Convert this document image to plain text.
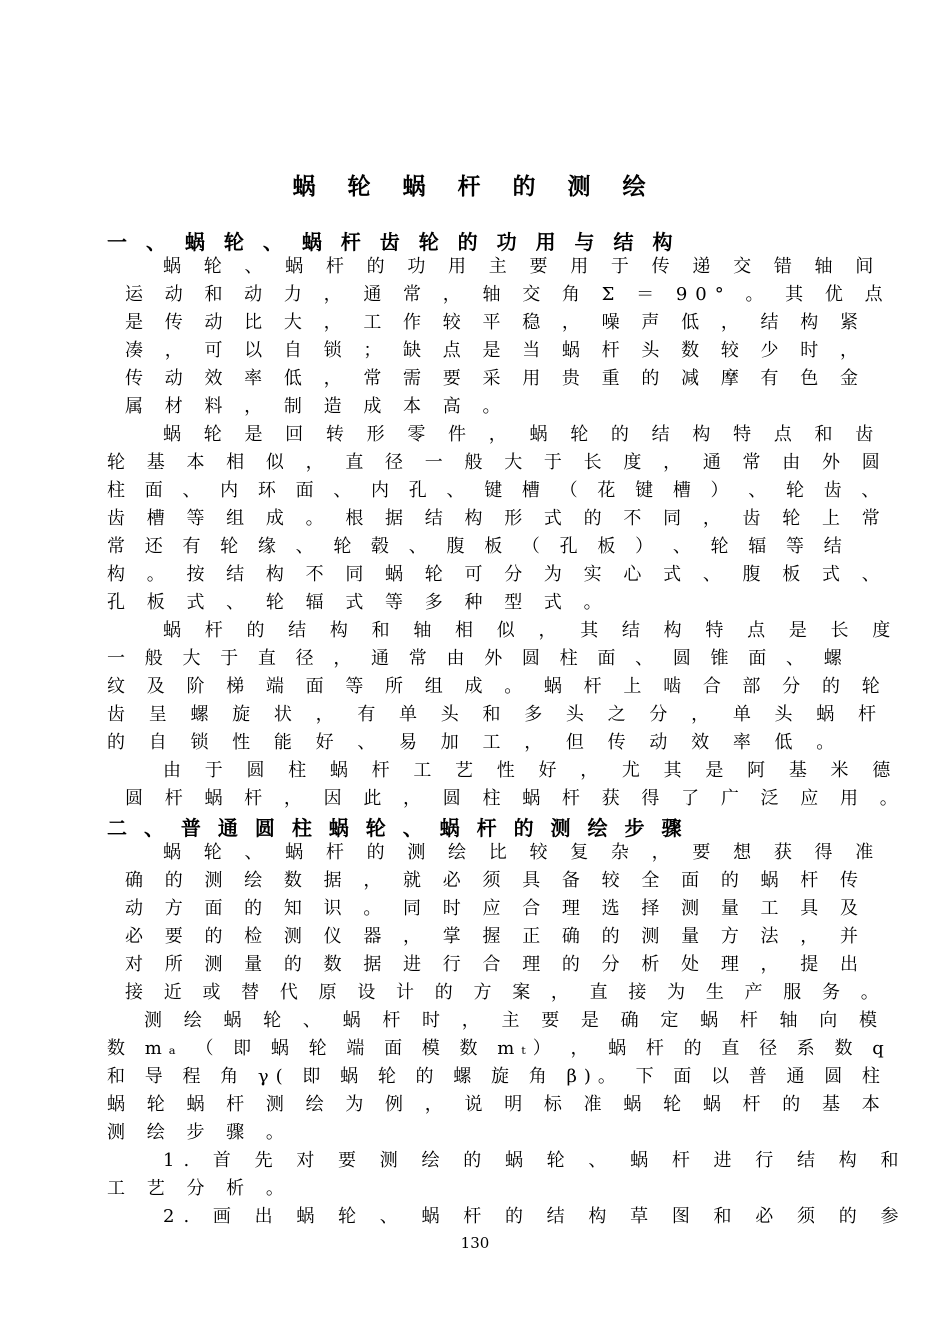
蜗 轮 蜗 杆 的 测 绘
一 、 蜗 轮 、 蜗 杆 齿 轮 的 功 用 与 结 构

蜗 轮 、 蜗 杆 的 功 用 主 要 用 于 传 递 交 错 轴 间

运 动 和 动 力 ， 通 常 ， 轴 交 角 Σ ＝ 90° 。 其 优 点

是 传 动 比 大 ， 工 作 较 平 稳 ， 噪 声 低 ， 结 构 紧

凑 ， 可 以 自 锁 ； 缺 点 是 当 蜗 杆 头 数 较 少 时 ，

传 动 效 率 低 ， 常 需 要 采 用 贵 重 的 减 摩 有 色 金

属 材 料 ， 制 造 成 本 高 。

蜗 轮 是 回 转 形 零 件 ， 蜗 轮 的 结 构 特 点 和 齿

轮 基 本 相 似 ， 直 径 一 般 大 于 长 度 ， 通 常 由 外 圆

柱 面 、 内 环 面 、 内 孔 、 键 槽 （ 花 键 槽 ） 、 轮 齿 、

齿 槽 等 组 成 。 根 据 结 构 形 式 的 不 同 ， 齿 轮 上 常

常 还 有 轮 缘 、 轮 毂 、 腹 板 （ 孔 板 ） 、 轮 辐 等 结

构 。 按 结 构 不 同 蜗 轮 可 分 为 实 心 式 、 腹 板 式 、

孔 板 式 、 轮 辐 式 等 多 种 型 式 。

蜗 杆 的 结 构 和 轴 相 似 ， 其 结 构 特 点 是 长 度

一 般 大 于 直 径 ， 通 常 由 外 圆 柱 面 、 圆 锥 面 、 螺

纹 及 阶 梯 端 面 等 所 组 成 。 蜗 杆 上 啮 合 部 分 的 轮

齿 呈 螺 旋 状 ， 有 单 头 和 多 头 之 分 ， 单 头 蜗 杆

的 自 锁 性 能 好 、 易 加 工 ， 但 传 动 效 率 低 。

由 于 圆 柱 蜗 杆 工 艺 性 好 ， 尤 其 是 阿 基 米 德

圆 杆 蜗 杆 ， 因 此 ， 圆 柱 蜗 杆 获 得 了 广 泛 应 用 。

二 、 普 通 圆 柱 蜗 轮 、 蜗 杆 的 测 绘 步 骤

蜗 轮 、 蜗 杆 的 测 绘 比 较 复 杂 ， 要 想 获 得 准

确 的 测 绘 数 据 ， 就 必 须 具 备 较 全 面 的 蜗 杆 传

动 方 面 的 知 识 。 同 时 应 合 理 选 择 测 量 工 具 及

必 要 的 检 测 仪 器 ， 掌 握 正 确 的 测 量 方 法 ， 并

对 所 测 量 的 数 据 进 行 合 理 的 分 析 处 理 ， 提 出

接 近 或 替 代 原 设 计 的 方 案 ， 直 接 为 生 产 服 务 。

测 绘 蜗 轮 、 蜗 杆 时 ， 主 要 是 确 定 蜗 杆 轴 向 模

数 mₐ （ 即 蜗 轮 端 面 模 数 mₜ） ， 蜗 杆 的 直 径 系 数 q

和 导 程 角 γ( 即 蜗 轮 的 螺 旋 角 β)。 下 面 以 普 通 圆 柱

蜗 轮 蜗 杆 测 绘 为 例 ， 说 明 标 准 蜗 轮 蜗 杆 的 基 本

测 绘 步 骤 。

1. 首 先 对 要 测 绘 的 蜗 轮 、 蜗 杆 进 行 结 构 和

工 艺 分 析 。

2. 画 出 蜗 轮 、 蜗 杆 的 结 构 草 图 和 必 须 的 参

130
